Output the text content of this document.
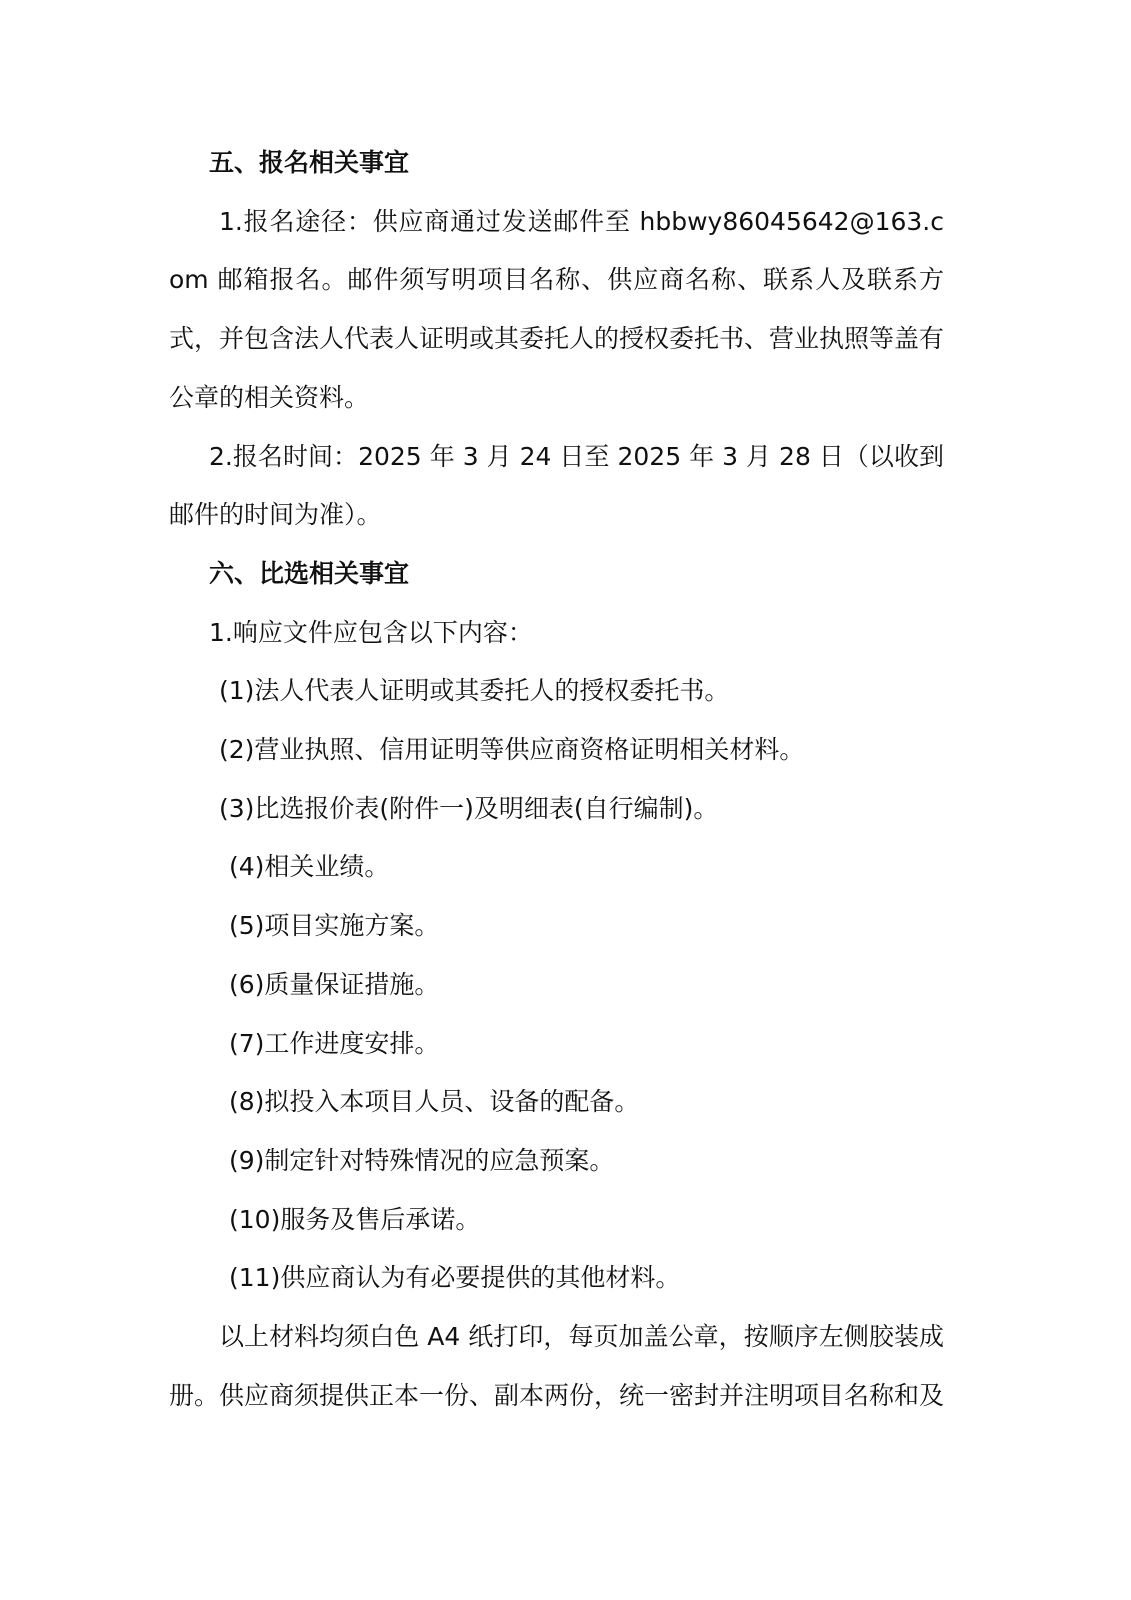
五、报名相关事宜

1.报名途径：供应商通过发送邮件至 hbbwy86045642@163.com 邮箱报名。邮件须写明项目名称、供应商名称、联系人及联系方式，并包含法人代表人证明或其委托人的授权委托书、营业执照等盖有公章的相关资料。

2.报名时间：2025 年 3 月 24 日至 2025 年 3 月 28 日（以收到邮件的时间为准）。

六、比选相关事宜

1.响应文件应包含以下内容：

(1)法人代表人证明或其委托人的授权委托书。

(2)营业执照、信用证明等供应商资格证明相关材料。

(3)比选报价表(附件一)及明细表(自行编制)。

(4)相关业绩。

(5)项目实施方案。

(6)质量保证措施。

(7)工作进度安排。

(8)拟投入本项目人员、设备的配备。

(9)制定针对特殊情况的应急预案。

(10)服务及售后承诺。

(11)供应商认为有必要提供的其他材料。

以上材料均须白色 A4 纸打印，每页加盖公章，按顺序左侧胶装成册。供应商须提供正本一份、副本两份，统一密封并注明项目名称和及
